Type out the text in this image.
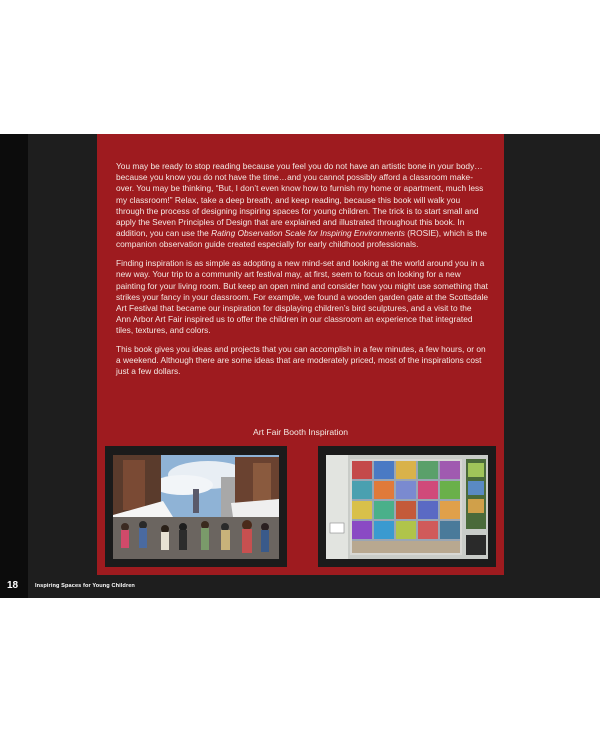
You may be ready to stop reading because you feel you do not have an artistic bone in your body…because you know you do not have the time…and you cannot possibly afford a classroom make-over. You may be thinking, “But, I don’t even know how to furnish my home or apartment, much less my classroom!” Relax, take a deep breath, and keep reading, because this book will walk you through the process of designing inspiring spaces for young children. The trick is to start small and apply the Seven Principles of Design that are explained and illustrated throughout this book. In addition, you can use the Rating Observation Scale for Inspiring Environments (ROSIE), which is the companion observation guide created especially for early childhood professionals.

Finding inspiration is as simple as adopting a new mind-set and looking at the world around you in a new way. Your trip to a community art festival may, at first, seem to focus on looking for a new painting for your living room. But keep an open mind and consider how you might use something that strikes your fancy in your classroom. For example, we found a wooden garden gate at the Scottsdale Art Festival that became our inspiration for displaying children’s bird sculptures, and a visit to the Ann Arbor Art Fair inspired us to offer the children in our classroom an experience that integrated tiles, textures, and colors.

This book gives you ideas and projects that you can accomplish in a few minutes, a few hours, or on a weekend. Although there are some ideas that are moderately priced, most of the inspirations cost just a few dollars.

Art Fair Booth Inspiration
18	Inspiring Spaces for Young Children
